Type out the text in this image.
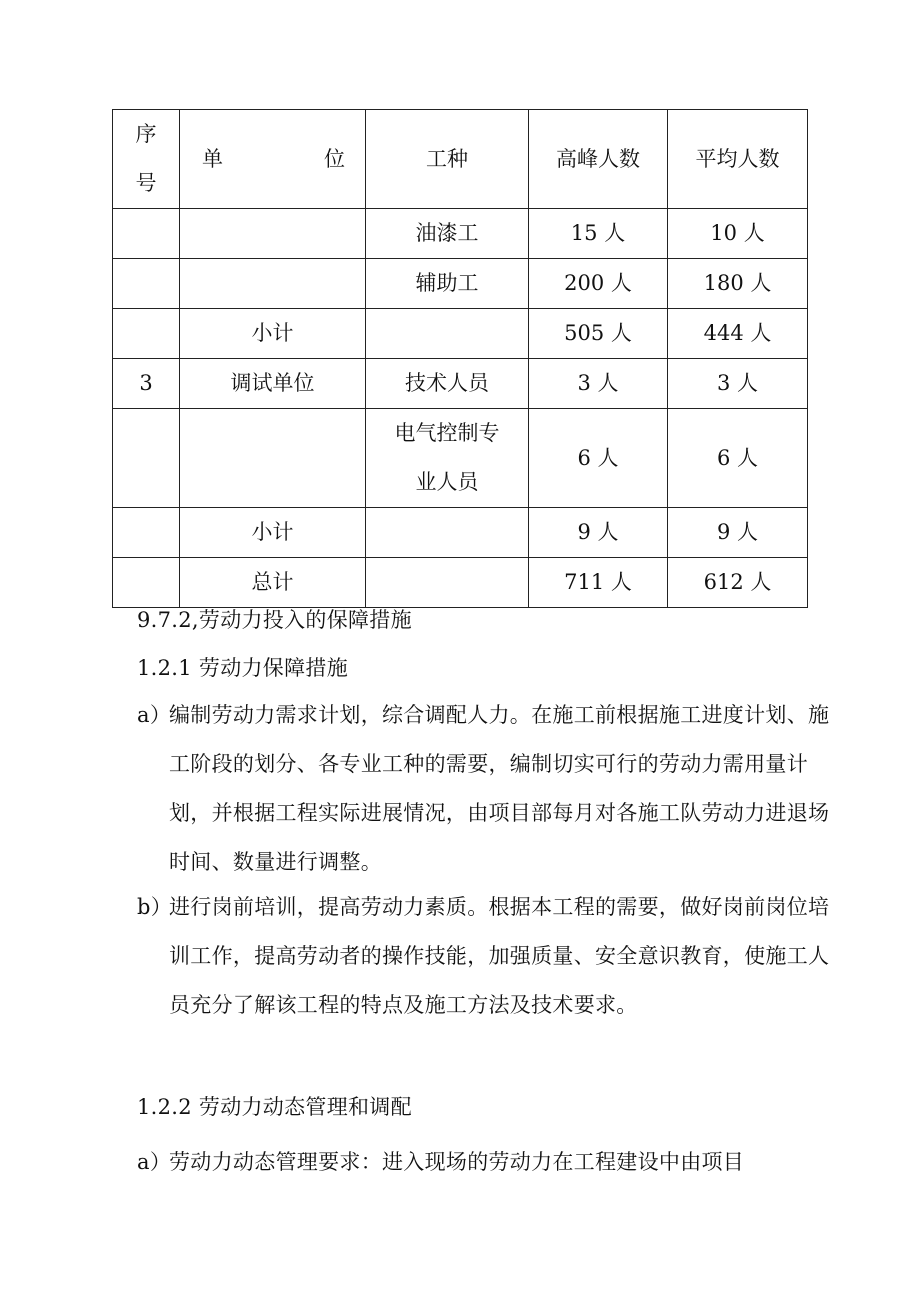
序
号	单 位	工种	高峰人数	平均人数
		油漆工	15 人	10 人
		辅助工	200 人	180 人
	小计		505 人	444 人
3	调试单位	技术人员	3 人	3 人
		电气控制专
业人员	6 人	6 人
	小计		9 人	9 人
	总计		711 人	612 人
9.7.2,劳动力投入的保障措施
1.2.1 劳动力保障措施
a）编制劳动力需求计划，综合调配人力。在施工前根据施工进度计划、施工阶段的划分、各专业工种的需要，编制切实可行的劳动力需用量计划，并根据工程实际进展情况，由项目部每月对各施工队劳动力进退场时间、数量进行调整。
b）进行岗前培训，提高劳动力素质。根据本工程的需要，做好岗前岗位培训工作，提高劳动者的操作技能，加强质量、安全意识教育，使施工人员充分了解该工程的特点及施工方法及技术要求。
1.2.2 劳动力动态管理和调配
a）劳动力动态管理要求：进入现场的劳动力在工程建设中由项目
